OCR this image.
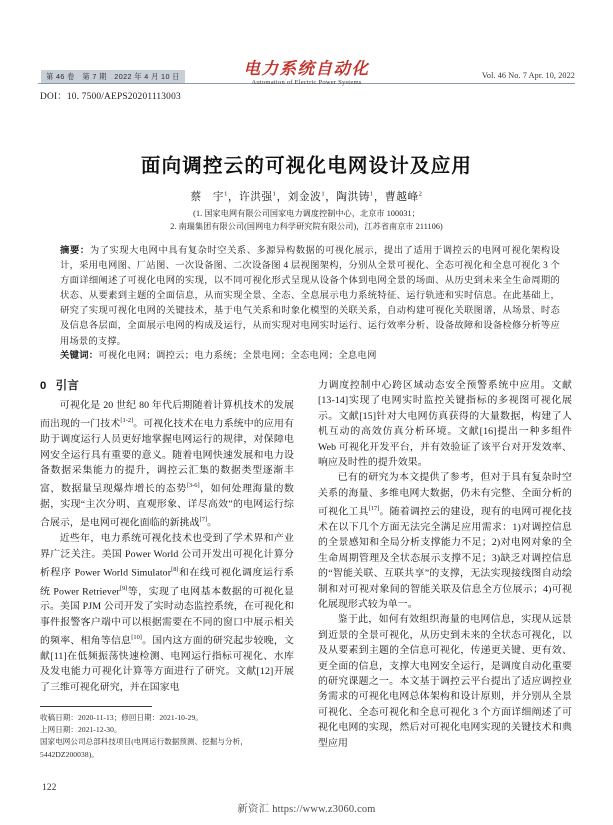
第 46 卷　第 7 期　2022 年 4 月 10 日	电力系统自动化
Automation of Electric Power Systems
Vol. 46 No. 7 Apr. 10, 2022
DOI：10. 7500/AEPS20201113003
面向调控云的可视化电网设计及应用
蔡　宇$^1$，许洪强$^1$，刘金波$^1$，陶洪铸$^1$，曹越峰$^2$
(1. 国家电网有限公司国家电力调度控制中心，北京市 100031；
2. 南瑞集团有限公司(国网电力科学研究院有限公司)，江苏省南京市 211106)
摘要：为了实现大电网中具有复杂时空关系、多源异构数据的可视化展示，提出了适用于调控云的电网可视化架构设计，采用电网图、厂站图、一次设备图、二次设备图 4 层视图架构，分别从全景可视化、全态可视化和全息可视化 3 个方面详细阐述了可视化电网的实现，以不同可视化形式呈现从设备个体到电网全景的场面、从历史到未来全生命周期的状态、从要素到主题的全面信息，从而实现全景、全态、全息展示电力系统特征、运行轨迹和实时信息。在此基础上，研究了实现可视化电网的关键技术，基于电气关系和时象化模型的关联关系，自动构建可视化关联图谱，从场景、时态及信息各层面，全面展示电网的构成及运行，从而实现对电网实时运行、运行效率分析、设备故障和设备检修分析等应用场景的支撑。
关键词：可视化电网；调控云；电力系统；全景电网；全态电网；全息电网
0 引言

可视化是 20 世纪 80 年代后期随着计算机技术的发展而出现的一门技术[1-2]。可视化技术在电力系统中的应用有助于调度运行人员更好地掌握电网运行的规律，对保障电网安全运行具有重要的意义。随着电网快速发展和电力设备数据采集能力的提升，调控云汇集的数据类型逐渐丰富，数据量呈现爆炸增长的态势[3-6]，如何处理海量的数据，实现“主次分明、直观形象、详尽高效”的电网运行综合展示，是电网可视化面临的新挑战[7]。

近些年，电力系统可视化技术也受到了学术界和产业界广泛关注。美国 Power World 公司开发出可视化计算分析程序 Power World Simulator[8]和在线可视化调度运行系统 Power Retriever[9]等，实现了电网基本数据的可视化显示。美国 PJM 公司开发了实时动态监控系统，在可视化和事件报警客户端中可以根据需要在不同的窗口中展示相关的频率、相角等信息[10]。国内这方面的研究起步较晚，文献[11]在低频振荡快速检测、电网运行指标可视化、水库及发电能力可视化计算等方面进行了研究。文献[12]开展了三维可视化研究，并在国家电

力调度控制中心跨区域动态安全预警系统中应用。文献[13-14]实现了电网实时监控关键指标的多视图可视化展示。文献[15]针对大电网仿真获得的大量数据，构建了人机互动的高效仿真分析环境。文献[16]提出一种多组件 Web 可视化开发平台，并有效验证了该平台对开发效率、响应及时性的提升效果。

已有的研究为本文提供了参考，但对于具有复杂时空关系的海量、多维电网大数据，仍未有完整、全面分析的可视化工具[17]。随着调控云的建设，现有的电网可视化技术在以下几个方面无法完全满足应用需求：1)对调控信息的全景感知和全局分析支撑能力不足；2)对电网对象的全生命周期管理及全状态展示支撑不足；3)缺乏对调控信息的“智能关联、互联共享”的支撑，无法实现接线图自动绘制和对可视对象间的智能关联及信息全方位展示；4)可视化展现形式较为单一。

鉴于此，如何有效组织海量的电网信息，实现从远景到近景的全景可视化，从历史到未来的全状态可视化，以及从要素到主题的全信息可视化，传递更关键、更有效、更全面的信息，支撑大电网安全运行，是调度自动化重要的研究课题之一。本文基于调控云平台提出了适应调控业务需求的可视化电网总体架构和设计原则，并分别从全景可视化、全态可视化和全息可视化 3 个方面详细阐述了可视化电网的实现，然后对可视化电网实现的关键技术和典型应用

收稿日期：2020-11-13；修回日期：2021-10-29。
上网日期：2021-12-30。
国家电网公司总部科技项目(电网运行数据预测、挖掘与分析，5442DZ200038)。
122
新资汇 https://www.z3060.com
